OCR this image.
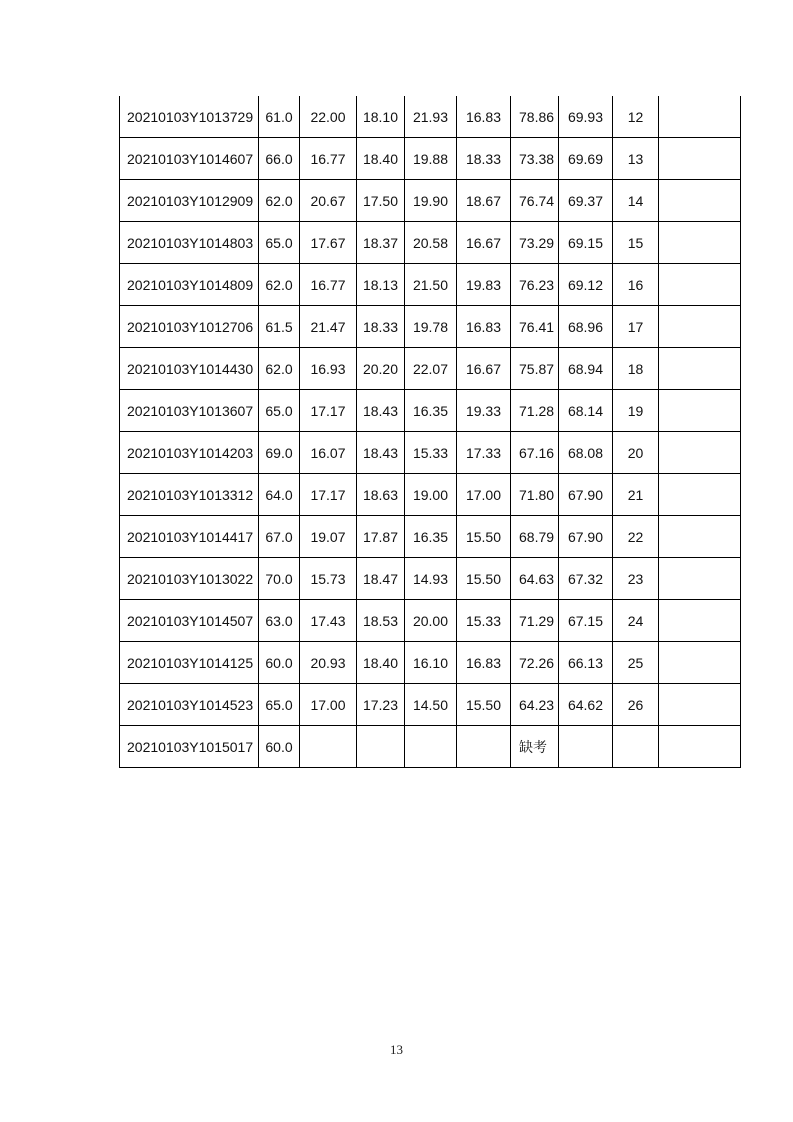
20210103Y1013729	61.0	22.00	18.10	21.93	16.83	78.86	69.93	12	
20210103Y1014607	66.0	16.77	18.40	19.88	18.33	73.38	69.69	13	
20210103Y1012909	62.0	20.67	17.50	19.90	18.67	76.74	69.37	14	
20210103Y1014803	65.0	17.67	18.37	20.58	16.67	73.29	69.15	15	
20210103Y1014809	62.0	16.77	18.13	21.50	19.83	76.23	69.12	16	
20210103Y1012706	61.5	21.47	18.33	19.78	16.83	76.41	68.96	17	
20210103Y1014430	62.0	16.93	20.20	22.07	16.67	75.87	68.94	18	
20210103Y1013607	65.0	17.17	18.43	16.35	19.33	71.28	68.14	19	
20210103Y1014203	69.0	16.07	18.43	15.33	17.33	67.16	68.08	20	
20210103Y1013312	64.0	17.17	18.63	19.00	17.00	71.80	67.90	21	
20210103Y1014417	67.0	19.07	17.87	16.35	15.50	68.79	67.90	22	
20210103Y1013022	70.0	15.73	18.47	14.93	15.50	64.63	67.32	23	
20210103Y1014507	63.0	17.43	18.53	20.00	15.33	71.29	67.15	24	
20210103Y1014125	60.0	20.93	18.40	16.10	16.83	72.26	66.13	25	
20210103Y1014523	65.0	17.00	17.23	14.50	15.50	64.23	64.62	26	
20210103Y1015017	60.0					缺考			
13
